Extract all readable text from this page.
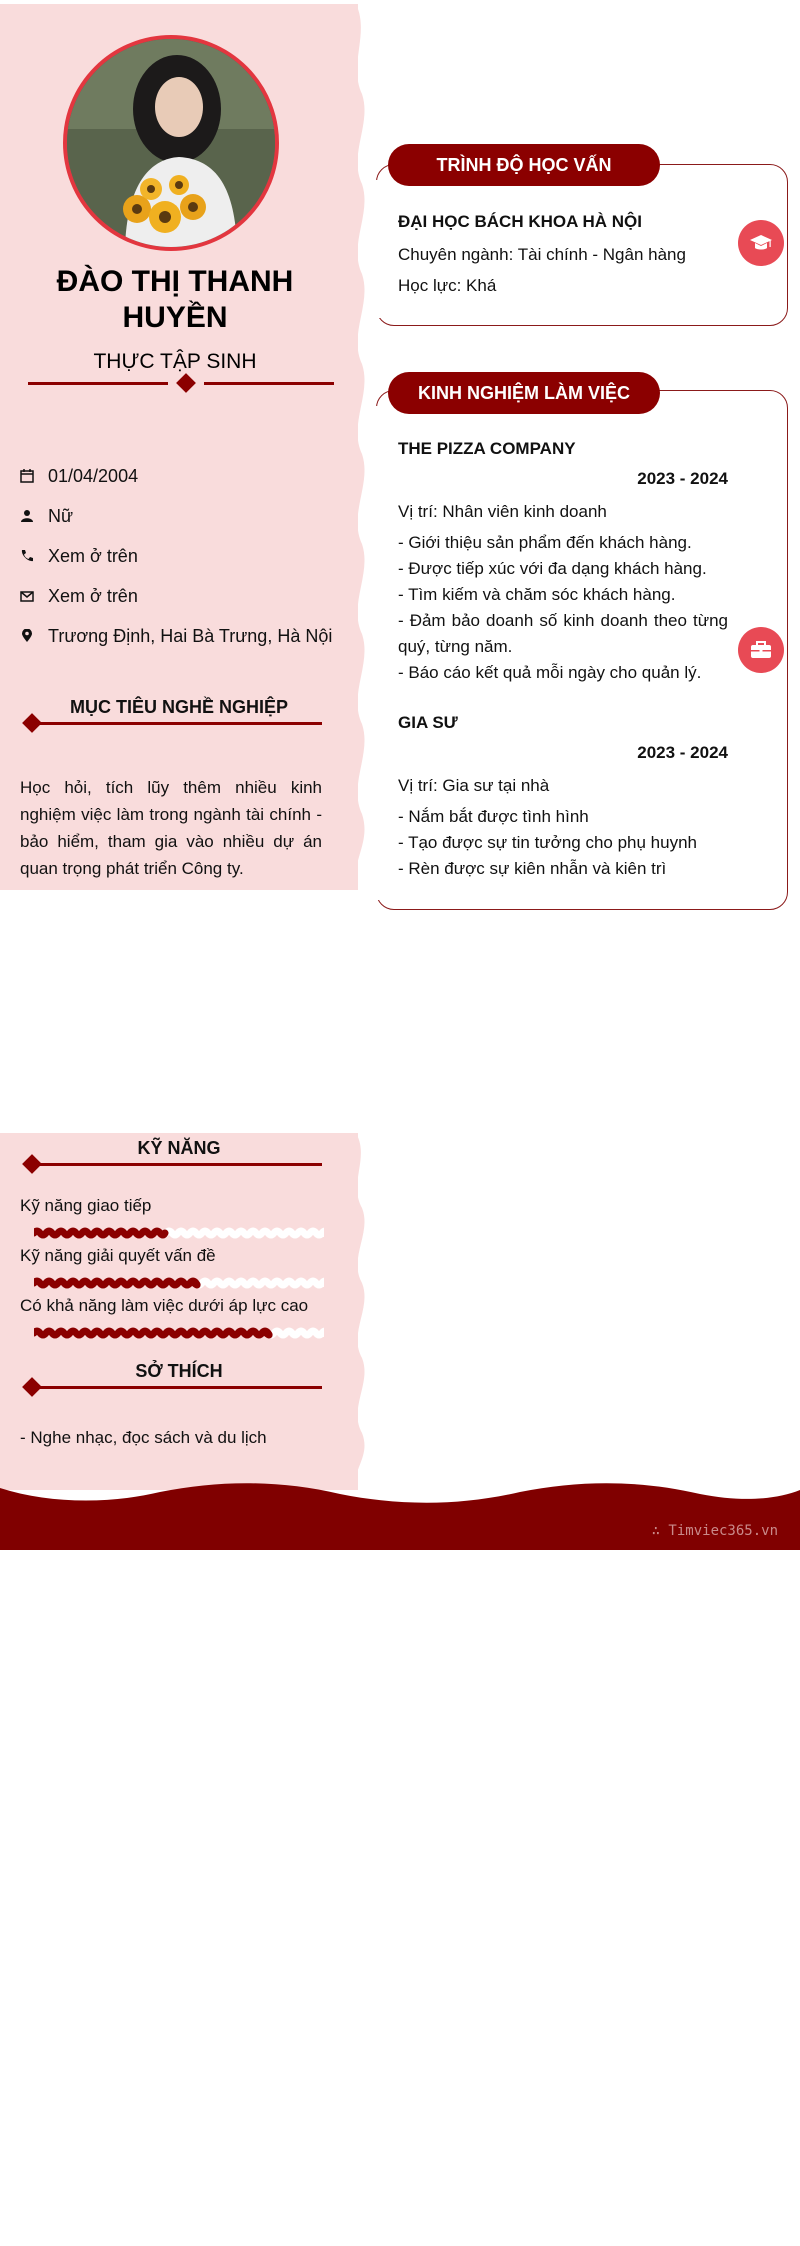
ĐÀO THỊ THANH HUYỀN
THỰC TẬP SINH
01/04/2004
Nữ
Xem ở trên
Xem ở trên
Trương Định, Hai Bà Trưng, Hà Nội
MỤC TIÊU NGHỀ NGHIỆP
Học hỏi, tích lũy thêm nhiều kinh nghiệm việc làm trong ngành tài chính - bảo hiểm, tham gia vào nhiều dự án quan trọng phát triển Công ty.
KỸ NĂNG
Kỹ năng giao tiếp
Kỹ năng giải quyết vấn đề
Có khả năng làm việc dưới áp lực cao
SỞ THÍCH
- Nghe nhạc, đọc sách và du lịch
TRÌNH ĐỘ HỌC VẤN
ĐẠI HỌC BÁCH KHOA HÀ NỘI
Chuyên ngành: Tài chính - Ngân hàng
Học lực: Khá
KINH NGHIỆM LÀM VIỆC
THE PIZZA COMPANY
2023 - 2024
Vị trí: Nhân viên kinh doanh
- Giới thiệu sản phẩm đến khách hàng.
- Được tiếp xúc với đa dạng khách hàng.
- Tìm kiếm và chăm sóc khách hàng.
- Đảm bảo doanh số kinh doanh theo từng quý, từng năm.
- Báo cáo kết quả mỗi ngày cho quản lý.
GIA SƯ
2023 - 2024
Vị trí: Gia sư tại nhà
- Nắm bắt được tình hình
- Tạo được sự tin tưởng cho phụ huynh
- Rèn được sự kiên nhẫn và kiên trì
∴ Timviec365.vn
